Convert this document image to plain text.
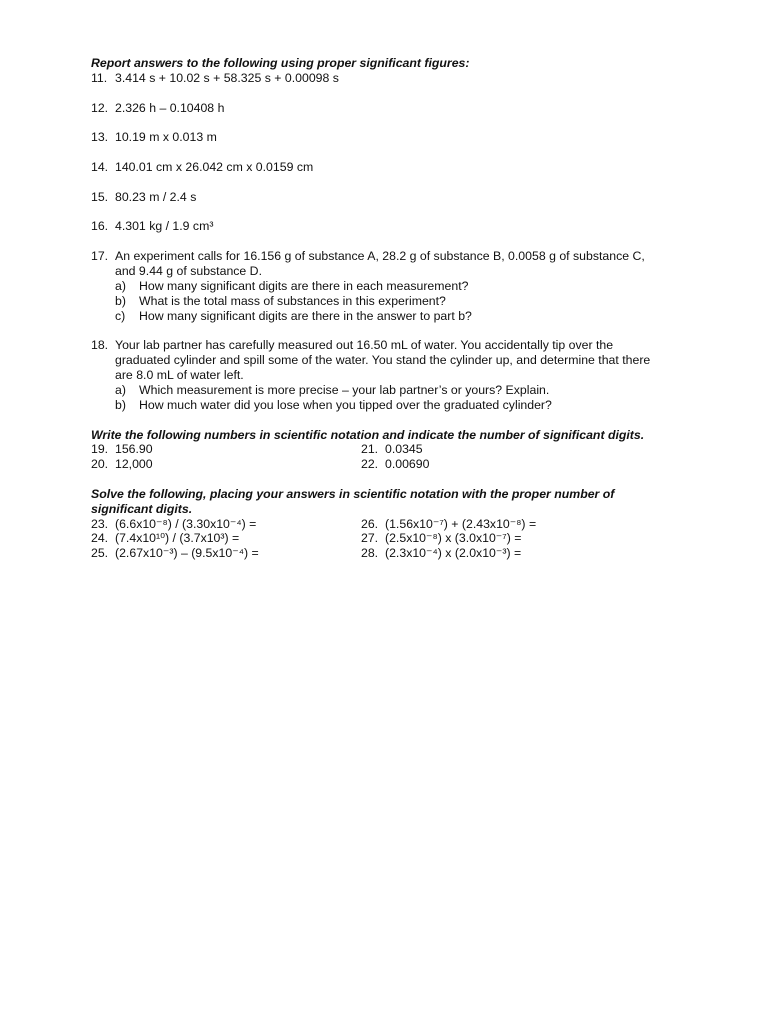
Report answers to the following using proper significant figures:
11. 3.414 s + 10.02 s + 58.325 s + 0.00098 s
12. 2.326 h – 0.10408 h
13. 10.19 m x 0.013 m
14. 140.01 cm x 26.042 cm x 0.0159 cm
15. 80.23 m / 2.4 s
16. 4.301 kg / 1.9 cm³
17. An experiment calls for 16.156 g of substance A, 28.2 g of substance B, 0.0058 g of substance C,
and 9.44 g of substance D.
a) How many significant digits are there in each measurement?
b) What is the total mass of substances in this experiment?
c) How many significant digits are there in the answer to part b?
18. Your lab partner has carefully measured out 16.50 mL of water. You accidentally tip over the
graduated cylinder and spill some of the water. You stand the cylinder up, and determine that there
are 8.0 mL of water left.
a) Which measurement is more precise – your lab partner’s or yours? Explain.
b) How much water did you lose when you tipped over the graduated cylinder?
Write the following numbers in scientific notation and indicate the number of significant digits.
19. 156.90
20. 12,000
21. 0.0345
22. 0.00690
Solve the following, placing your answers in scientific notation with the proper number of
significant digits.
23. (6.6x10⁻⁸) / (3.30x10⁻⁴) =
24. (7.4x10¹⁰) / (3.7x10³) =
25. (2.67x10⁻³) – (9.5x10⁻⁴) =
26. (1.56x10⁻⁷) + (2.43x10⁻⁸) =
27. (2.5x10⁻⁸) x (3.0x10⁻⁷) =
28. (2.3x10⁻⁴) x (2.0x10⁻³) =
